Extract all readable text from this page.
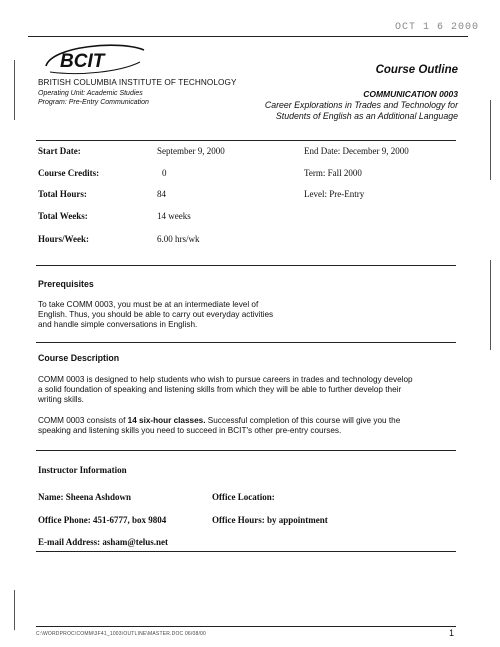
OCT 1 6 2000
BCIT
BRITISH COLUMBIA INSTITUTE OF TECHNOLOGY
Operating Unit: Academic Studies
Program: Pre-Entry Communication
Course Outline
COMMUNICATION 0003
Career Explorations in Trades and Technology for Students of English as an Additional Language
Start Date:	September 9, 2000	End Date: December 9, 2000
Course Credits:	0	Term: Fall 2000
Total Hours:	84	Level: Pre-Entry
Total Weeks:	14 weeks
Hours/Week:	6.00 hrs/wk
Prerequisites
To take COMM 0003, you must be at an intermediate level of
English. Thus, you should be able to carry out everyday activities
and handle simple conversations in English.
Course Description
COMM 0003 is designed to help students who wish to pursue careers in trades and technology develop
a solid foundation of speaking and listening skills from which they will be able to further develop their
writing skills.
COMM 0003 consists of 14 six-hour classes. Successful completion of this course will give you the
speaking and listening skills you need to succeed in BCIT's other pre-entry courses.
Instructor Information
Name: Sheena Ashdown	Office Location:
Office Phone: 451-6777, box 9804	Office Hours: by appointment
E-mail Address: asham@telus.net
C:\WORDPROC\COMM\3F41_1003\OUTLINE\MASTER.DOC 06/08/00	1
